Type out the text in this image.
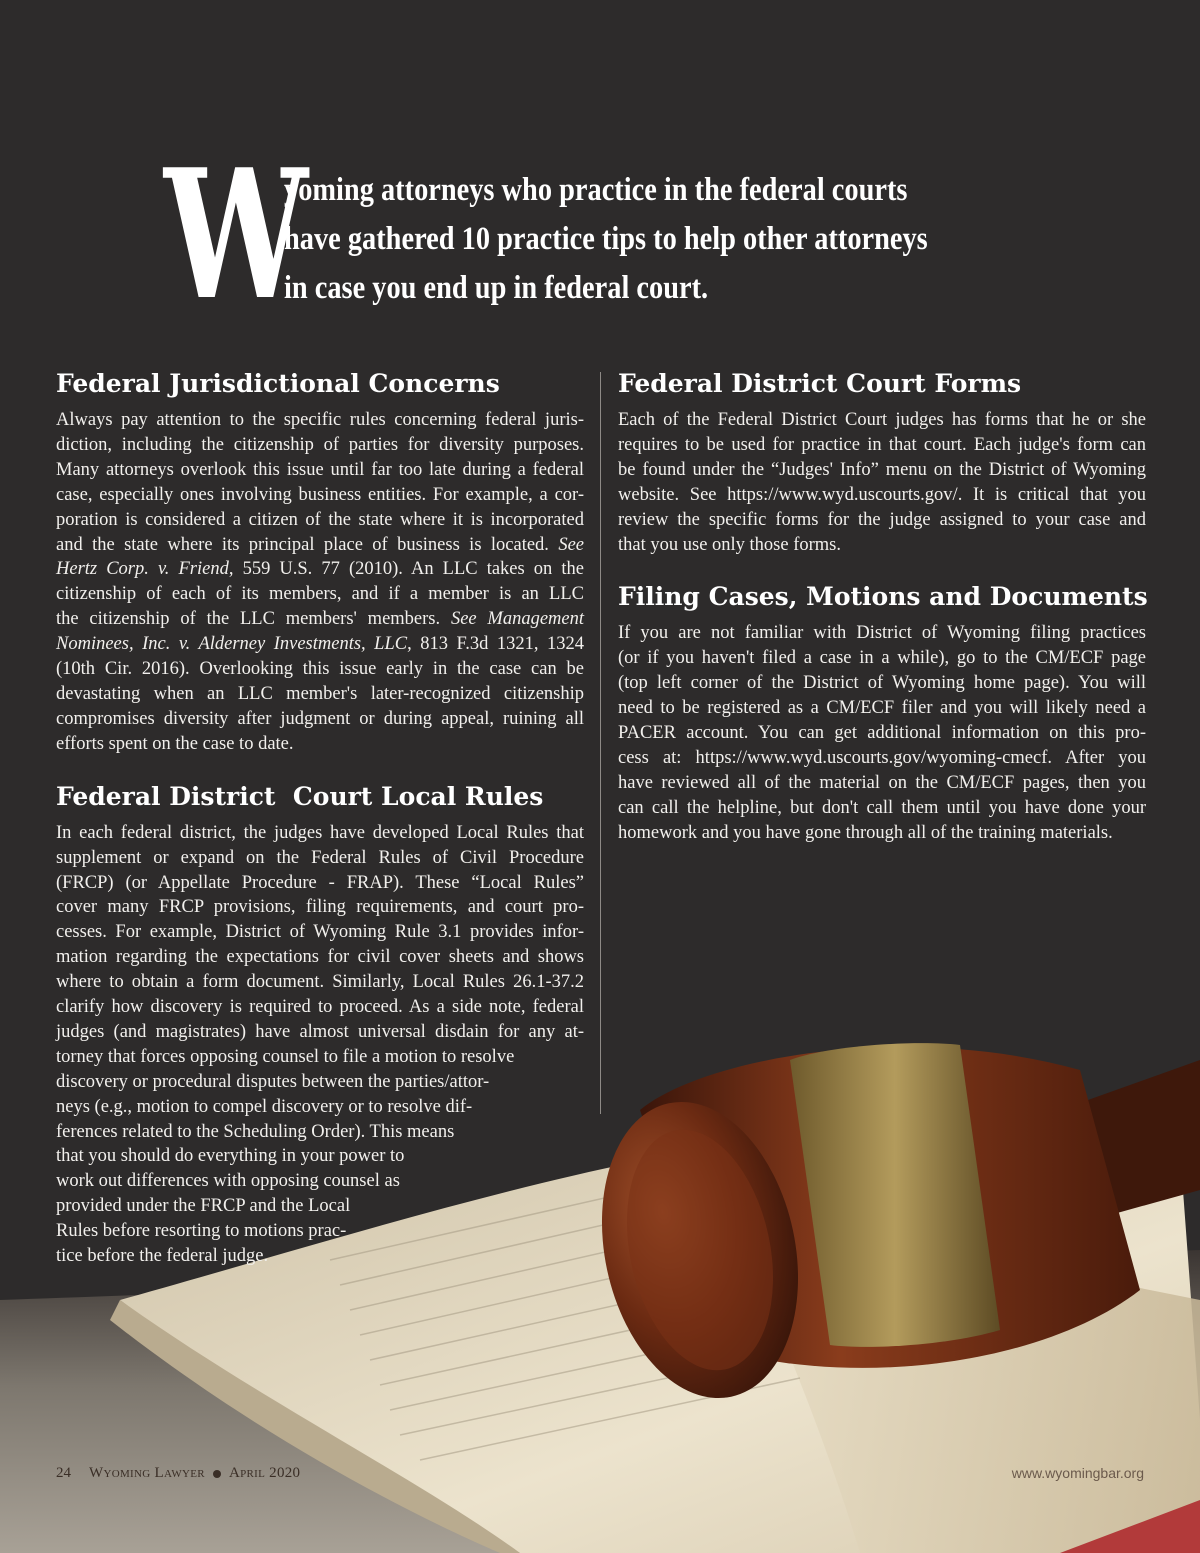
W
yoming attorneys who practice in the federal courts
have gathered 10 practice tips to help other attorneys
in case you end up in federal court.
Federal Jurisdictional Concerns

Always pay attention to the specific rules concerning federal juris-
diction, including the citizenship of parties for diversity purposes.
Many attorneys overlook this issue until far too late during a federal
case, especially ones involving business entities. For example, a cor-
poration is considered a citizen of the state where it is incorporated
and the state where its principal place of business is located. See
Hertz Corp. v. Friend, 559 U.S. 77 (2010). An LLC takes on the
citizenship of each of its members, and if a member is an LLC
the citizenship of the LLC members' members. See Management
Nominees, Inc. v. Alderney Investments, LLC, 813 F.3d 1321, 1324
(10th Cir. 2016). Overlooking this issue early in the case can be
devastating when an LLC member's later-recognized citizenship
compromises diversity after judgment or during appeal, ruining all
efforts spent on the case to date.

Federal District  Court Local Rules

In each federal district, the judges have developed Local Rules that
supplement or expand on the Federal Rules of Civil Procedure
(FRCP) (or Appellate Procedure - FRAP). These “Local Rules”
cover many FRCP provisions, filing requirements, and court pro-
cesses. For example, District of Wyoming Rule 3.1 provides infor-
mation regarding the expectations for civil cover sheets and shows
where to obtain a form document. Similarly, Local Rules 26.1-37.2
clarify how discovery is required to proceed. As a side note, federal
judges (and magistrates) have almost universal disdain for any at-
torney that forces opposing counsel to file a motion to resolve
discovery or procedural disputes between the parties/attor-
neys (e.g., motion to compel discovery or to resolve dif-
ferences related to the Scheduling Order). This means
that you should do everything in your power to
work out differences with opposing counsel as
provided under the FRCP and the Local
Rules before resorting to motions prac-
tice before the federal judge.

Federal District Court Forms

Each of the Federal District Court judges has forms that he or she
requires to be used for practice in that court. Each judge's form can
be found under the “Judges' Info” menu on the District of Wyoming
website. See https://www.wyd.uscourts.gov/. It is critical that you
review the specific forms for the judge assigned to your case and
that you use only those forms.

Filing Cases, Motions and Documents

If you are not familiar with District of Wyoming filing practices
(or if you haven't filed a case in a while), go to the CM/ECF page
(top left corner of the District of Wyoming home page). You will
need to be registered as a CM/ECF filer and you will likely need a
PACER account. You can get additional information on this pro-
cess at: https://www.wyd.uscourts.gov/wyoming-cmecf. After you
have reviewed all of the material on the CM/ECF pages, then you
can call the helpline, but don't call them until you have done your
homework and you have gone through all of the training materials.

24 Wyoming Lawyer April 2020	www.wyomingbar.org
